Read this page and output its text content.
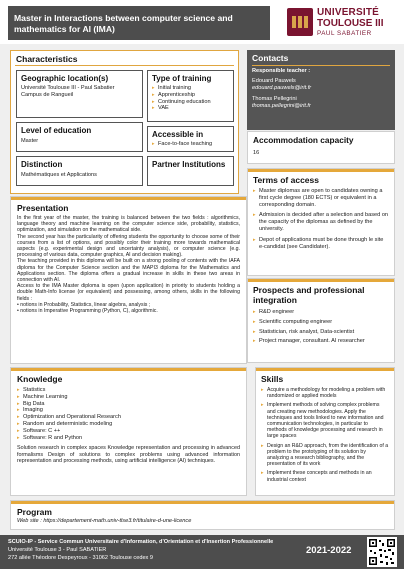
Master in Interactions between computer science and mathematics for AI (IMA)
UNIVERSITÉ
TOULOUSE III
PAUL SABATIER
Characteristics
Geographic location(s)
Université Toulouse III - Paul Sabatier
Campus de Rangueil
Type of training
▸ Initial training
▸ Apprenticeship
▸ Continuing education
▸ VAE
Level of education
Master
Accessible in
▸ Face-to-face teaching
Distinction
Mathématiques et Applications
Partner Institutions
Contacts
Responsible teacher :
Edouard Pauwels
edouard.pauwels@irit.fr
Thomas Pellegrini
thomas.pellegrini@irit.fr
Accommodation capacity
16
Terms of access
▸ Master diplomas are open to candidates owning a first cycle degree (180 ECTS) or equivalent in a corresponding domain.
▸ Admission is decided after a selection and based on the capacity of the diplomas as defined by the university.
▸ Depot of applications must be done through le site e-candidat (see Candidater).
Presentation
In the first year of the master, the training is balanced between the two fields : algorithmics, language theory and machine learning on the computer science side, probability, statistics, optimization, and simulation on the mathematical side.
The second year has the particularity of offering students the opportunity to choose some of their courses from a list of options, and possibly color their training more towards mathematical aspects (e.g. experimental design and uncertainty analysis), or computer science (e.g. processing of various data, computer graphics, AI and decision making).
The teaching provided in this diploma will be built on a strong pooling of contents with the IAFA diploma for the Computer Science section and the MAPI3 diploma for the Mathematics and Applications section. The diploma offers a gradual increase in skills in these two areas in connection with AI.
Access to the IMA Master diploma is open (upon application) in priority to students holding a double Math-Info license (or equivalent) and possessing, among others, skills in the following fields :
• notions in Probability, Statistics, linear algebra, analysis ;
• notions in Imperative Programming (Python, C), algorithmic.
Prospects and professional integration
▸ R&D engineer
▸ Scientific computing engineer
▸ Statistician, risk analyst, Data-scientist
▸ Project manager, consultant. AI researcher
Knowledge
▸ Statistics
▸ Machine Learning
▸ Big Data
▸ Imaging
▸ Optimization and Operational Research
▸ Random and deterministic modeling
▸ Software: C ++
▸ Software: R and Python
Solution research in complex spaces Knowledge representation and processing in advanced formalisms Design of solutions to complex problems using advanced information representation and processing methods, using artificial intelligence (AI) techniques.
Skills
▸ Acquire a methodology for modeling a problem with randomized or applied models
▸ Implement methods of solving complex problems and creating new methodologies. Apply the techniques and tools linked to new information and communication technologies, in particular to methods of knowledge processing and research in large spaces
▸ Design an R&D approach, from the identification of a problem to the prototyping of its solution by analyzing a research bibliography, and the presentation of its work
▸ Implement these concepts and methods in an industrial context
Program
Web site : https://departement-math.univ-tlse3.fr/titulaire-d-une-licence
SCUIO-IP - Service Commun Universitaire d'Information, d'Orientation et d'Insertion Professionnelle
Université Toulouse 3 - Paul SABATIER
272 allée Théodore Despeyroux - 31062 Toulouse cedex 9
2021-2022
